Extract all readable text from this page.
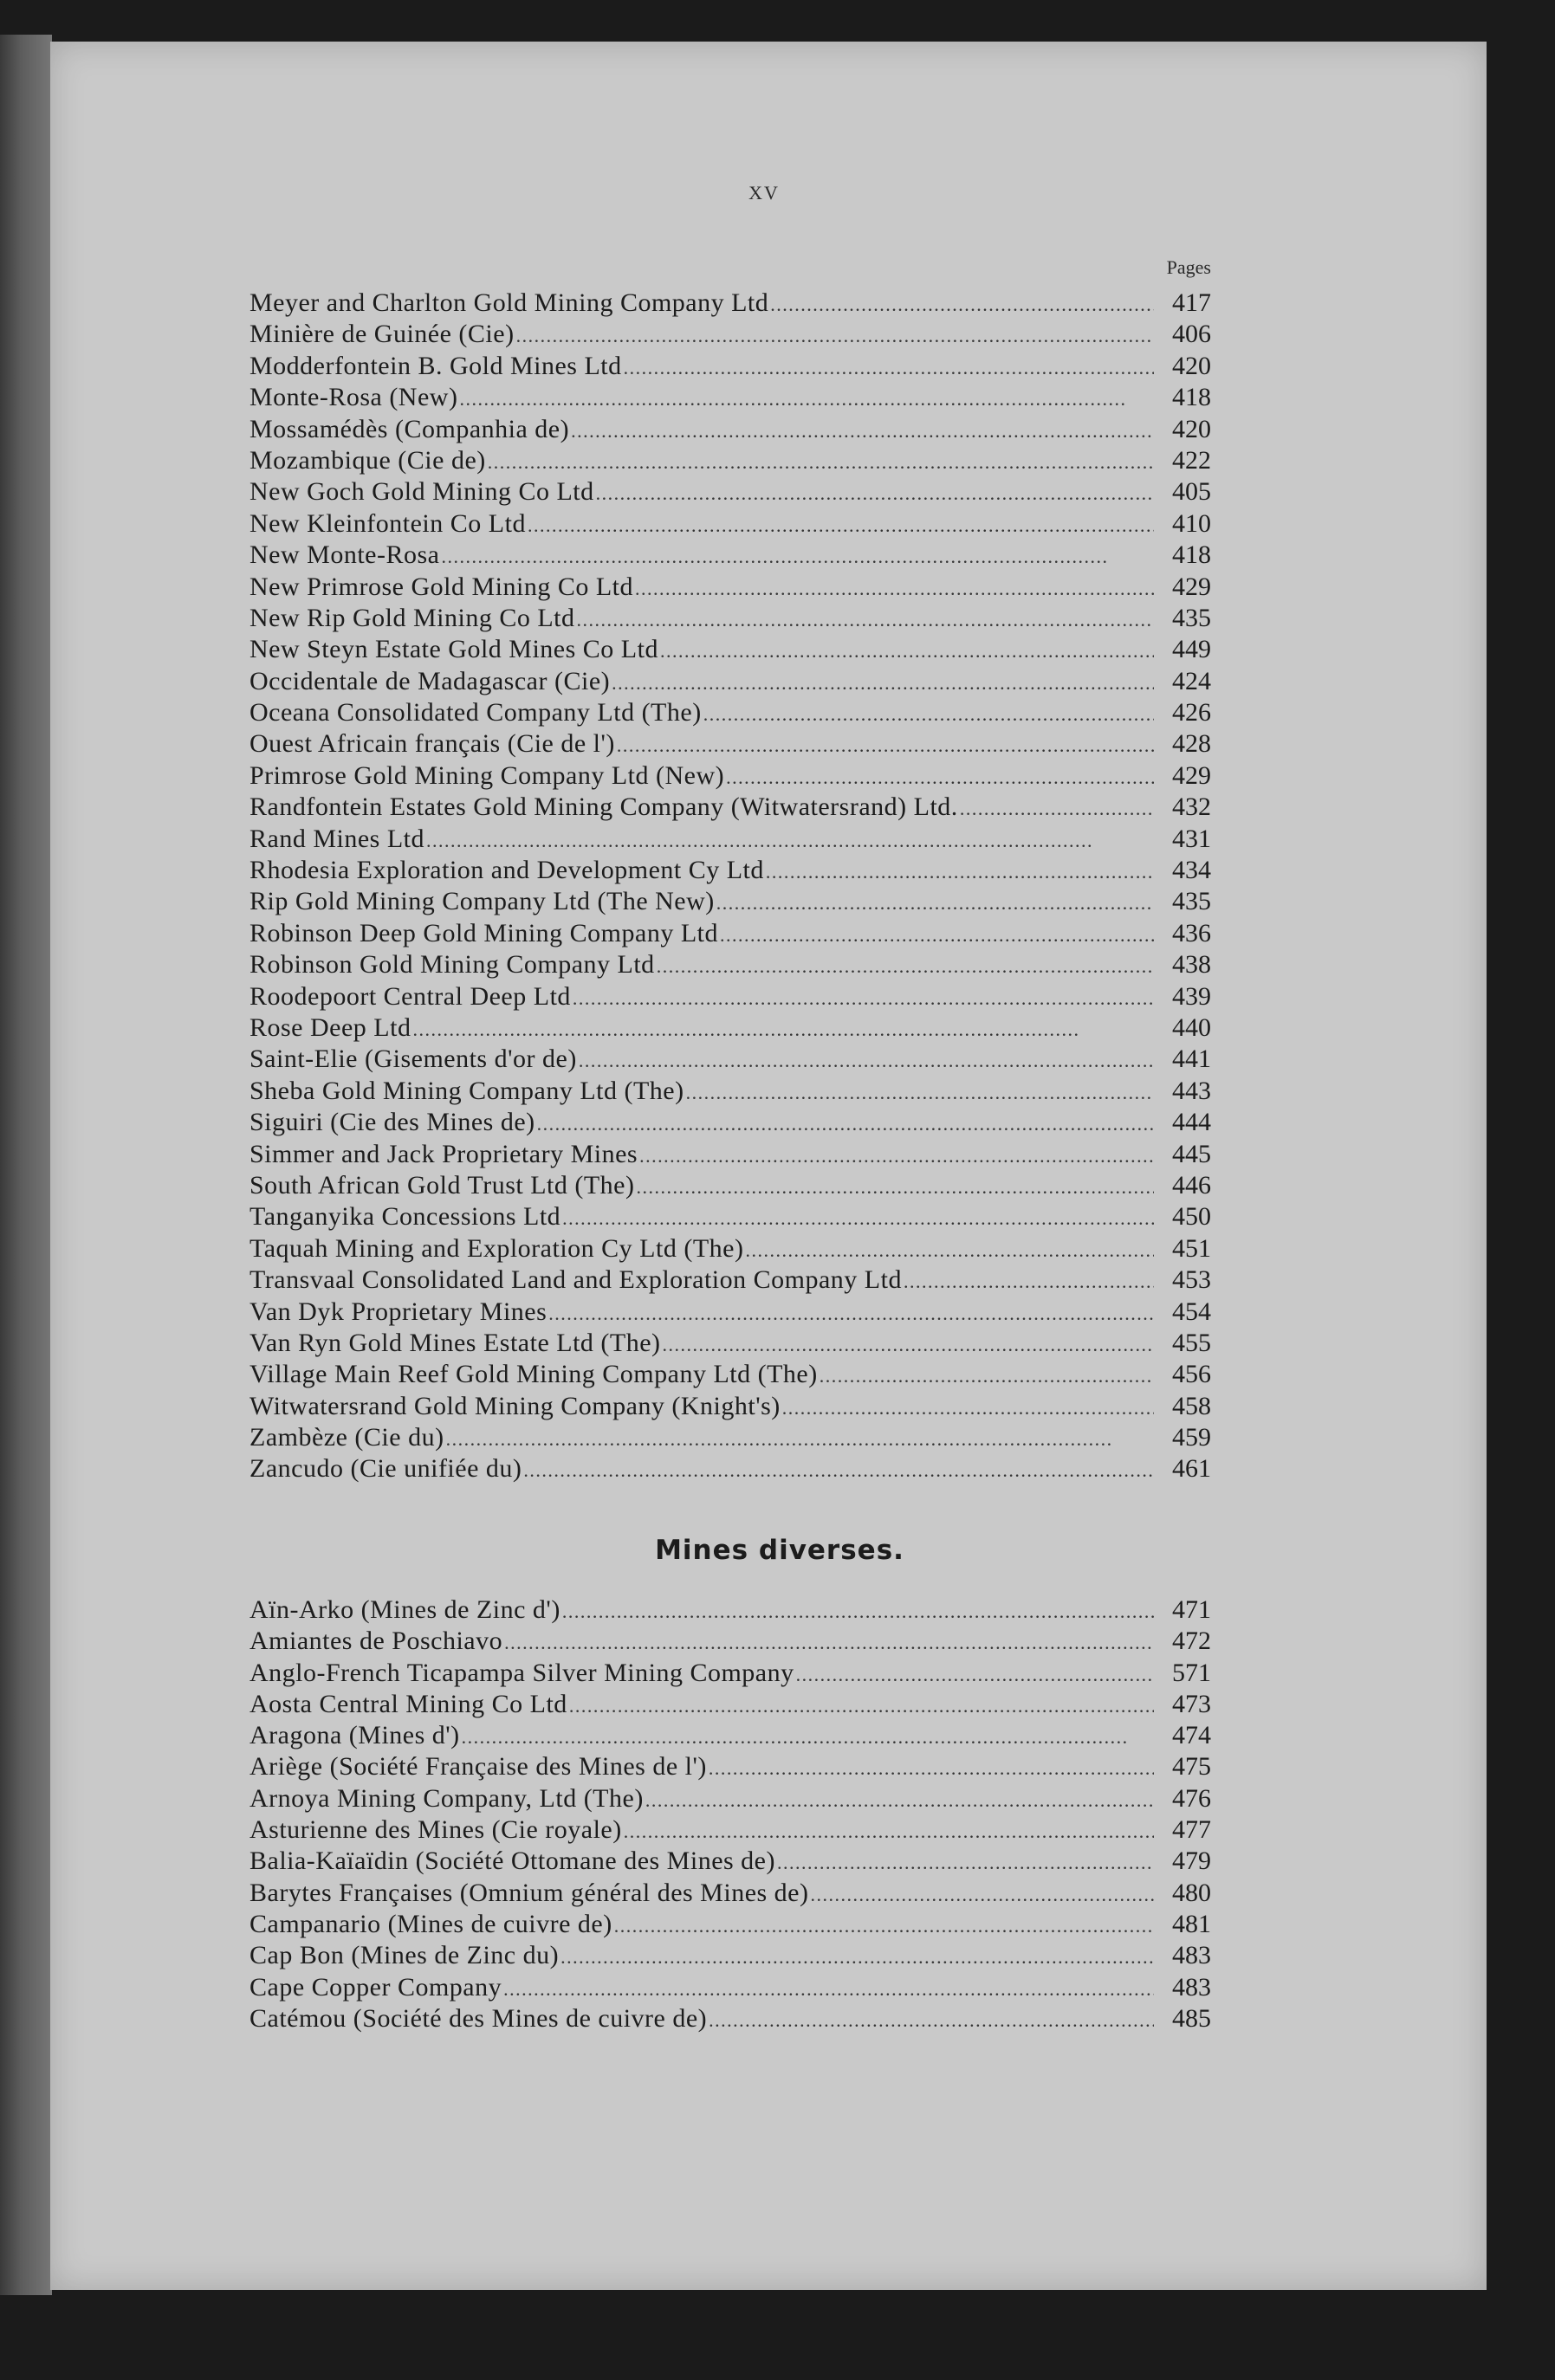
XV
Pages
Meyer and Charlton Gold Mining Company Ltd . . .	417
Minière de Guinée (Cie) . . .	406
Modderfontein B. Gold Mines Ltd . . .	420
Monte-Rosa (New) . . .	418
Mossamédès (Companhia de) . . .	420
Mozambique (Cie de) . . .	422
New Goch Gold Mining Co Ltd . . .	405
New Kleinfontein Co Ltd . . .	410
New Monte-Rosa . . .	418
New Primrose Gold Mining Co Ltd . . .	429
New Rip Gold Mining Co Ltd . . .	435
New Steyn Estate Gold Mines Co Ltd . . .	449
Occidentale de Madagascar (Cie) . . .	424
Oceana Consolidated Company Ltd (The) . . .	426
Ouest Africain français (Cie de l') . . .	428
Primrose Gold Mining Company Ltd (New) . . .	429
Randfontein Estates Gold Mining Company (Witwatersrand) Ltd. . . .	432
Rand Mines Ltd . . .	431
Rhodesia Exploration and Development Cy Ltd . . .	434
Rip Gold Mining Company Ltd (The New) . . .	435
Robinson Deep Gold Mining Company Ltd . . .	436
Robinson Gold Mining Company Ltd . . .	438
Roodepoort Central Deep Ltd . . .	439
Rose Deep Ltd . . .	440
Saint-Elie (Gisements d'or de) . . .	441
Sheba Gold Mining Company Ltd (The) . . .	443
Siguiri (Cie des Mines de) . . .	444
Simmer and Jack Proprietary Mines . . .	445
South African Gold Trust Ltd (The) . . .	446
Tanganyika Concessions Ltd . . .	450
Taquah Mining and Exploration Cy Ltd (The) . . .	451
Transvaal Consolidated Land and Exploration Company Ltd . . .	453
Van Dyk Proprietary Mines . . .	454
Van Ryn Gold Mines Estate Ltd (The) . . .	455
Village Main Reef Gold Mining Company Ltd (The) . . .	456
Witwatersrand Gold Mining Company (Knight's) . . .	458
Zambèze (Cie du) . . .	459
Zancudo (Cie unifiée du) . . .	461
Mines diverses.
Aïn-Arko (Mines de Zinc d') . . .	471
Amiantes de Poschiavo . . .	472
Anglo-French Ticapampa Silver Mining Company . . .	571
Aosta Central Mining Co Ltd . . .	473
Aragona (Mines d') . . .	474
Ariège (Société Française des Mines de l') . . .	475
Arnoya Mining Company, Ltd (The) . . .	476
Asturienne des Mines (Cie royale) . . .	477
Balia-Kaïaïdin (Société Ottomane des Mines de) . . .	479
Barytes Françaises (Omnium général des Mines de) . . .	480
Campanario (Mines de cuivre de) . . .	481
Cap Bon (Mines de Zinc du) . . .	483
Cape Copper Company . . .	483
Catémou (Société des Mines de cuivre de) . . .	485
